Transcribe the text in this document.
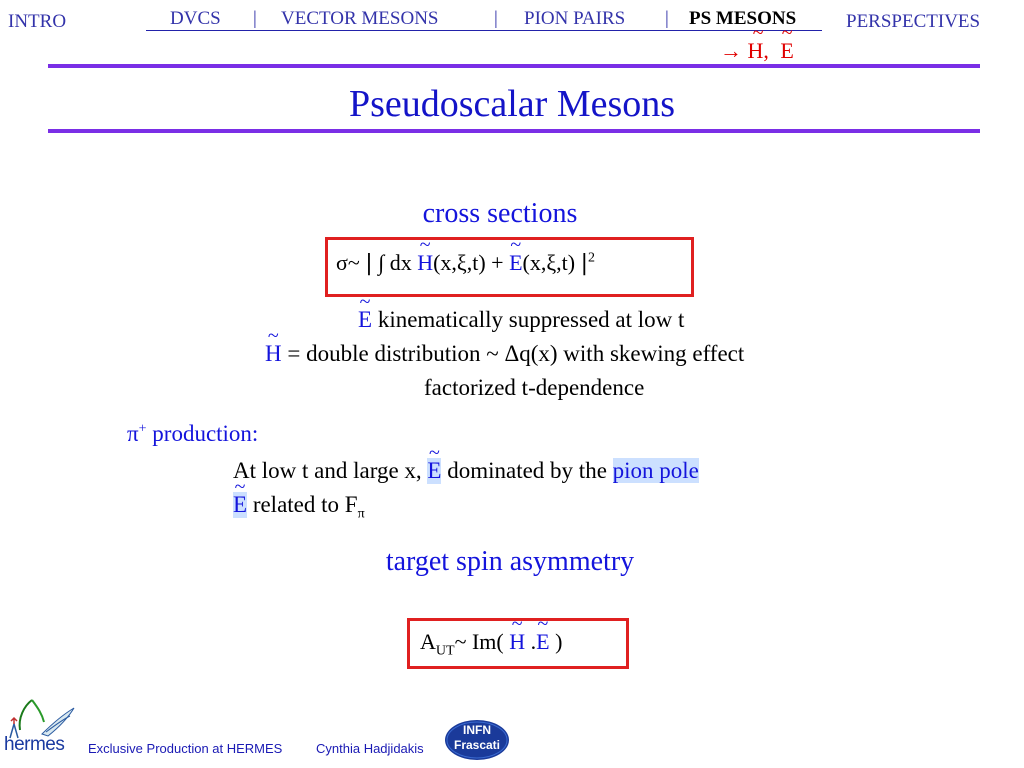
INTRO	DVCS | VECTOR MESONS	| PION PAIRS | PS MESONS	PERSPECTIVES
→ ~ H, ~ E
Pseudoscalar Mesons
cross sections
σ~ | ∫ dx ~ H(x,ξ,t) + ~ E(x,ξ,t) $|^2$
~ E kinematically suppressed at low t
~ H = double distribution ~ Δq(x) with skewing effect
factorized t-dependence
π+ production:
At low t and large x, ~ E dominated by the pion pole
~ E related to $F_\pi$
target spin asymmetry
$A_{UT}\sim$ Im( ~ H .~ E )
hermes Exclusive Production at HERMES	Cynthia Hadjidakis
INFN
Frascati
